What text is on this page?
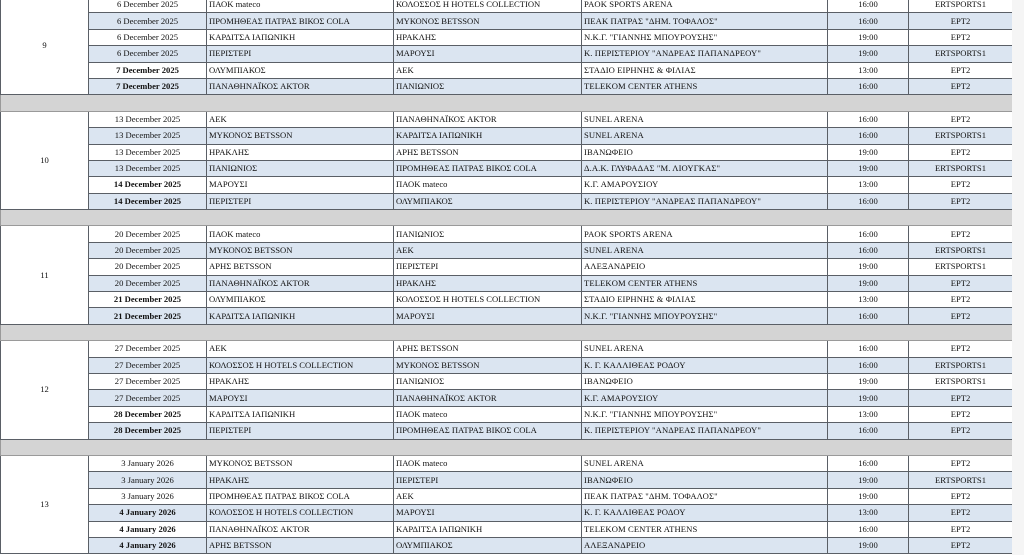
9	6 December 2025	ΠΑΟΚ mateco	ΚΟΛΟΣΣΟΣ Η HOTELS COLLECTION	PAOK SPORTS ARENA	16:00	ERTSPORTS1
	6 December 2025	ΠΡΟΜΗΘΕΑΣ ΠΑΤΡΑΣ ΒΙΚΟΣ COLA	ΜΥΚΟΝΟΣ BETSSON	ΠΕΑΚ ΠΑΤΡΑΣ "ΔΗΜ. ΤΟΦΑΛΟΣ"	16:00	ΕΡΤ2
	6 December 2025	ΚΑΡΔΙΤΣΑ ΙΑΠΩΝΙΚΗ	ΗΡΑΚΛΗΣ	Ν.Κ.Γ. "ΓΙΑΝΝΗΣ ΜΠΟΥΡΟΥΣΗΣ"	19:00	ΕΡΤ2
	6 December 2025	ΠΕΡΙΣΤΕΡΙ	ΜΑΡΟΥΣΙ	Κ. ΠΕΡΙΣΤΕΡΙΟΥ "ΑΝΔΡΕΑΣ ΠΑΠΑΝΔΡΕΟΥ"	19:00	ERTSPORTS1
	7 December 2025	ΟΛΥΜΠΙΑΚΟΣ	ΑΕΚ	ΣΤΑΔΙΟ ΕΙΡΗΝΗΣ & ΦΙΛΙΑΣ	13:00	ΕΡΤ2
	7 December 2025	ΠΑΝΑΘΗΝΑΪΚΟΣ AKTOR	ΠΑΝΙΩΝΙΟΣ	TELEKOM CENTER ATHENS	16:00	ΕΡΤ2

10	13 December 2025	ΑΕΚ	ΠΑΝΑΘΗΝΑΪΚΟΣ AKTOR	SUNEL ARENA	16:00	ΕΡΤ2
	13 December 2025	ΜΥΚΟΝΟΣ BETSSON	ΚΑΡΔΙΤΣΑ ΙΑΠΩΝΙΚΗ	SUNEL ARENA	16:00	ERTSPORTS1
	13 December 2025	ΗΡΑΚΛΗΣ	ΑΡΗΣ BETSSON	ΙΒΑΝΩΦΕΙΟ	19:00	ΕΡΤ2
	13 December 2025	ΠΑΝΙΩΝΙΟΣ	ΠΡΟΜΗΘΕΑΣ ΠΑΤΡΑΣ ΒΙΚΟΣ COLA	Δ.Α.Κ. ΓΛΥΦΑΔΑΣ "Μ. ΛΙΟΥΓΚΑΣ"	19:00	ERTSPORTS1
	14 December 2025	ΜΑΡΟΥΣΙ	ΠΑΟΚ mateco	Κ.Γ. ΑΜΑΡΟΥΣΙΟΥ	13:00	ΕΡΤ2
	14 December 2025	ΠΕΡΙΣΤΕΡΙ	ΟΛΥΜΠΙΑΚΟΣ	Κ. ΠΕΡΙΣΤΕΡΙΟΥ "ΑΝΔΡΕΑΣ ΠΑΠΑΝΔΡΕΟΥ"	16:00	ΕΡΤ2

11	20 December 2025	ΠΑΟΚ mateco	ΠΑΝΙΩΝΙΟΣ	PAOK SPORTS ARENA	16:00	ΕΡΤ2
	20 December 2025	ΜΥΚΟΝΟΣ BETSSON	ΑΕΚ	SUNEL ARENA	16:00	ERTSPORTS1
	20 December 2025	ΑΡΗΣ BETSSON	ΠΕΡΙΣΤΕΡΙ	ΑΛΕΞΑΝΔΡΕΙΟ	19:00	ERTSPORTS1
	20 December 2025	ΠΑΝΑΘΗΝΑΪΚΟΣ AKTOR	ΗΡΑΚΛΗΣ	TELEKOM CENTER ATHENS	19:00	ΕΡΤ2
	21 December 2025	ΟΛΥΜΠΙΑΚΟΣ	ΚΟΛΟΣΣΟΣ Η HOTELS COLLECTION	ΣΤΑΔΙΟ ΕΙΡΗΝΗΣ & ΦΙΛΙΑΣ	13:00	ΕΡΤ2
	21 December 2025	ΚΑΡΔΙΤΣΑ ΙΑΠΩΝΙΚΗ	ΜΑΡΟΥΣΙ	Ν.Κ.Γ. "ΓΙΑΝΝΗΣ ΜΠΟΥΡΟΥΣΗΣ"	16:00	ΕΡΤ2

12	27 December 2025	ΑΕΚ	ΑΡΗΣ BETSSON	SUNEL ARENA	16:00	ΕΡΤ2
	27 December 2025	ΚΟΛΟΣΣΟΣ Η HOTELS COLLECTION	ΜΥΚΟΝΟΣ BETSSON	Κ. Γ. ΚΑΛΛΙΘΕΑΣ ΡΟΔΟΥ	16:00	ERTSPORTS1
	27 December 2025	ΗΡΑΚΛΗΣ	ΠΑΝΙΩΝΙΟΣ	ΙΒΑΝΩΦΕΙΟ	19:00	ERTSPORTS1
	27 December 2025	ΜΑΡΟΥΣΙ	ΠΑΝΑΘΗΝΑΪΚΟΣ AKTOR	Κ.Γ. ΑΜΑΡΟΥΣΙΟΥ	19:00	ΕΡΤ2
	28 December 2025	ΚΑΡΔΙΤΣΑ ΙΑΠΩΝΙΚΗ	ΠΑΟΚ mateco	Ν.Κ.Γ. "ΓΙΑΝΝΗΣ ΜΠΟΥΡΟΥΣΗΣ"	13:00	ΕΡΤ2
	28 December 2025	ΠΕΡΙΣΤΕΡΙ	ΠΡΟΜΗΘΕΑΣ ΠΑΤΡΑΣ ΒΙΚΟΣ COLA	Κ. ΠΕΡΙΣΤΕΡΙΟΥ "ΑΝΔΡΕΑΣ ΠΑΠΑΝΔΡΕΟΥ"	16:00	ΕΡΤ2

13	3 January 2026	ΜΥΚΟΝΟΣ BETSSON	ΠΑΟΚ mateco	SUNEL ARENA	16:00	ΕΡΤ2
	3 January 2026	ΗΡΑΚΛΗΣ	ΠΕΡΙΣΤΕΡΙ	ΙΒΑΝΩΦΕΙΟ	19:00	ERTSPORTS1
	3 January 2026	ΠΡΟΜΗΘΕΑΣ ΠΑΤΡΑΣ ΒΙΚΟΣ COLA	ΑΕΚ	ΠΕΑΚ ΠΑΤΡΑΣ "ΔΗΜ. ΤΟΦΑΛΟΣ"	19:00	ΕΡΤ2
	4 January 2026	ΚΟΛΟΣΣΟΣ Η HOTELS COLLECTION	ΜΑΡΟΥΣΙ	Κ. Γ. ΚΑΛΛΙΘΕΑΣ ΡΟΔΟΥ	13:00	ΕΡΤ2
	4 January 2026	ΠΑΝΑΘΗΝΑΪΚΟΣ AKTOR	ΚΑΡΔΙΤΣΑ ΙΑΠΩΝΙΚΗ	TELEKOM CENTER ATHENS	16:00	ΕΡΤ2
	4 January 2026	ΑΡΗΣ BETSSON	ΟΛΥΜΠΙΑΚΟΣ	ΑΛΕΞΑΝΔΡΕΙΟ	19:00	ΕΡΤ2
